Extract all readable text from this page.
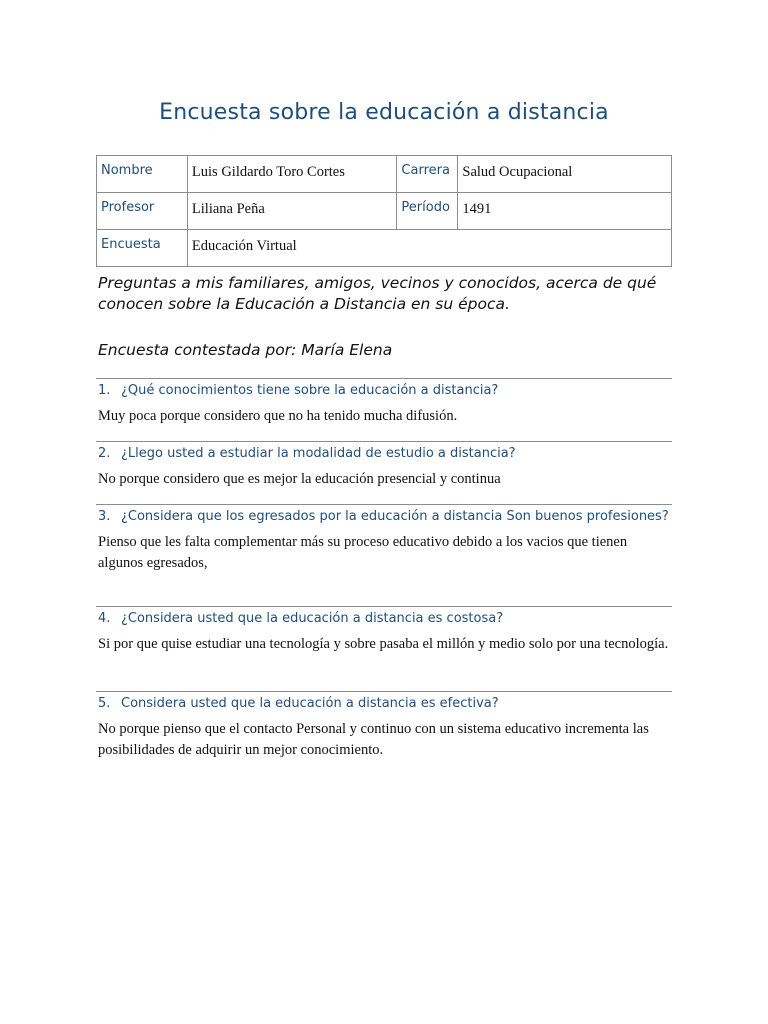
Encuesta sobre la educación a distancia
Nombre	Luis Gildardo Toro Cortes	Carrera	Salud Ocupacional
Profesor	Liliana Peña	Período	1491
Encuesta	Educación Virtual		
Preguntas a mis familiares, amigos, vecinos y conocidos, acerca de qué conocen sobre la Educación a Distancia en su época.
Encuesta contestada por: María Elena
1. ¿Qué conocimientos tiene sobre la educación a distancia?
Muy poca porque considero que no ha tenido mucha difusión.
2. ¿Llego usted a estudiar la modalidad de estudio a distancia?
No porque considero que es mejor la educación presencial y continua
3. ¿Considera que los egresados por la educación a distancia Son buenos profesiones?
Pienso que les falta complementar más su proceso educativo debido a los vacios que tienen algunos egresados,
4. ¿Considera usted que la educación a distancia es costosa?
Si por que quise estudiar una tecnología y sobre pasaba el millón y medio solo por una tecnología.
5. Considera usted que la educación a distancia es efectiva?
No porque pienso que el contacto Personal y continuo con un sistema educativo incrementa las posibilidades de adquirir un mejor conocimiento.
